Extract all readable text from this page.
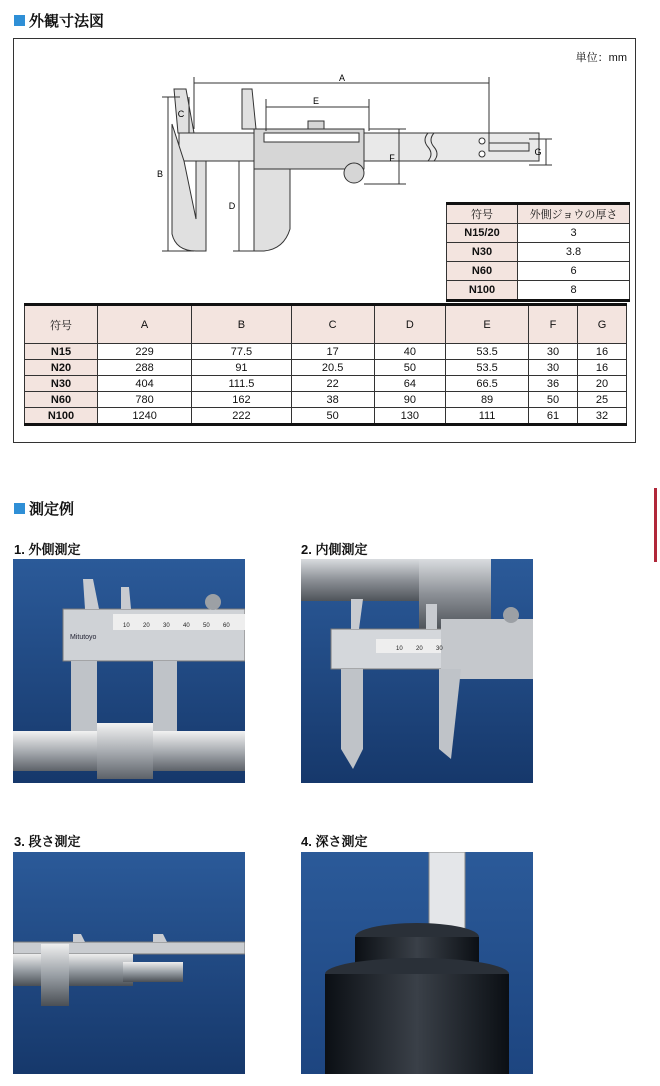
外観寸法図
単位：mm
A
E
B
C
D
F
G
符号	外側ジョウの厚さ
N15/20	3
N30	3.8
N60	6
N100	8
符号	A	B	C	D	E	F	G
N15	229	77.5	17	40	53.5	30	16
N20	288	91	20.5	50	53.5	30	16
N30	404	111.5	22	64	66.5	36	20
N60	780	162	38	90	89	50	25
N100	1240	222	50	130	111	61	32
測定例
1. 外側測定
Mitutoyo
10 20 30 40 50 60
2. 内側測定
10 20 30
3. 段さ測定	4. 深さ測定
